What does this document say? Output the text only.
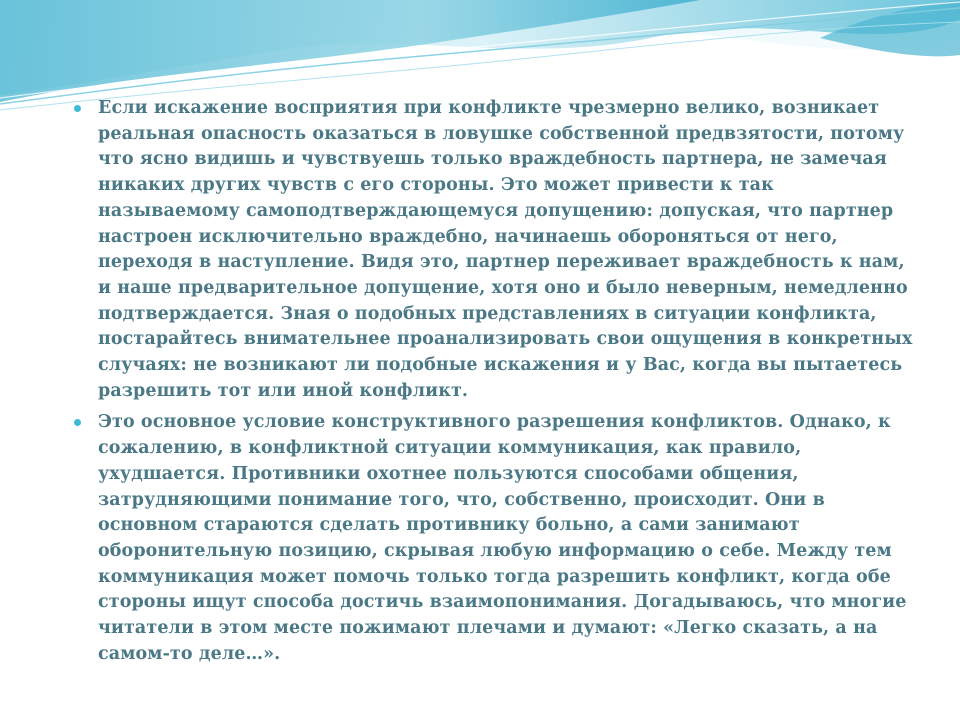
Если искажение восприятия при конфликте чрезмерно велико, возникает реальная опасность оказаться в ловушке собственной предвзятости, потому что ясно видишь и чувствуешь только враждебность партнера, не замечая никаких других чувств с его стороны. Это может привести к так называемому самоподтверждающемуся допущению: допуская, что партнер настроен исключительно враждебно, начинаешь обороняться от него, переходя в наступление. Видя это, партнер переживает враждебность к нам, и наше предварительное допущение, хотя оно и было неверным, немедленно подтверждается. Зная о подобных представлениях в ситуации конфликта, постарайтесь внимательнее проанализировать свои ощущения в конкретных случаях: не возникают ли подобные искажения и у Вас, когда вы пытаетесь разрешить тот или иной конфликт.
Это основное условие конструктивного разрешения конфликтов. Однако, к сожалению, в конфликтной ситуации коммуникация, как правило, ухудшается. Противники охотнее пользуются способами общения, затрудняющими понимание того, что, собственно, происходит. Они в основном стараются сделать противнику больно, а сами занимают оборонительную позицию, скрывая любую информацию о себе. Между тем коммуникация может помочь только тогда разрешить конфликт, когда обе стороны ищут способа достичь взаимопонимания. Догадываюсь, что многие читатели в этом месте пожимают плечами и думают: «Легко сказать, а на самом-то деле…».
